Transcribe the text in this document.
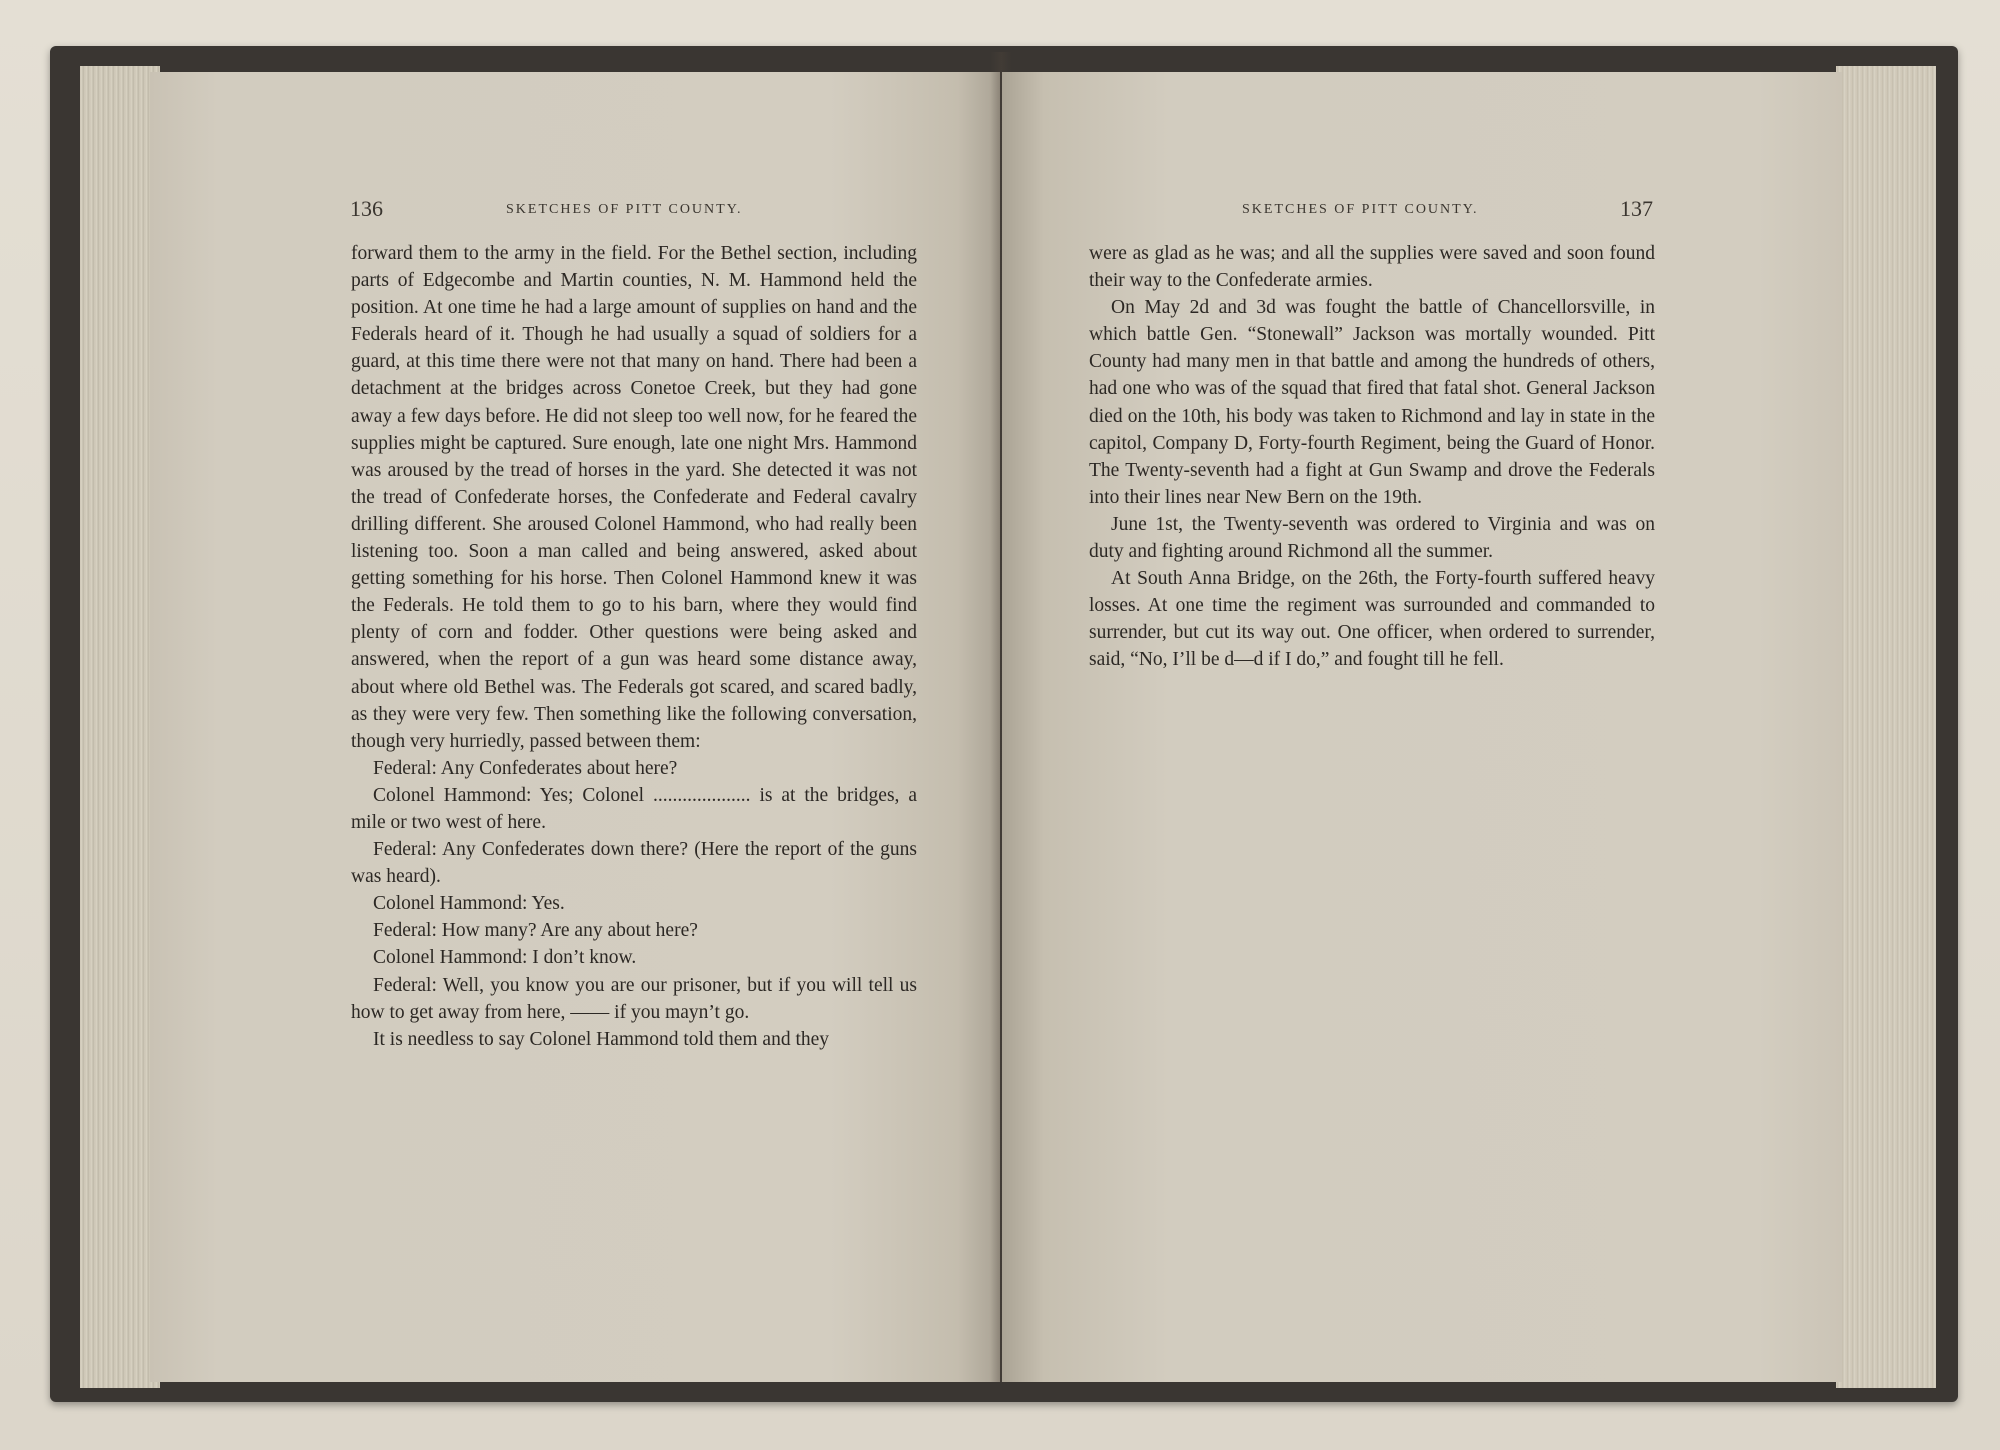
136	SKETCHES OF PITT COUNTY.

forward them to the army in the field. For the Bethel section, including parts of Edgecombe and Martin counties, N. M. Hammond held the position. At one time he had a large amount of supplies on hand and the Federals heard of it. Though he had usually a squad of soldiers for a guard, at this time there were not that many on hand. There had been a detachment at the bridges across Conetoe Creek, but they had gone away a few days before. He did not sleep too well now, for he feared the supplies might be captured. Sure enough, late one night Mrs. Hammond was aroused by the tread of horses in the yard. She detected it was not the tread of Confederate horses, the Confederate and Federal cavalry drilling different. She aroused Colonel Hammond, who had really been listening too. Soon a man called and being answered, asked about getting something for his horse. Then Colonel Hammond knew it was the Federals. He told them to go to his barn, where they would find plenty of corn and fodder. Other questions were being asked and answered, when the report of a gun was heard some distance away, about where old Bethel was. The Federals got scared, and scared badly, as they were very few. Then something like the following conversation, though very hurriedly, passed between them:

Federal: Any Confederates about here?

Colonel Hammond: Yes; Colonel .................... is at the bridges, a mile or two west of here.

Federal: Any Confederates down there? (Here the report of the guns was heard).

Colonel Hammond: Yes.

Federal: How many? Are any about here?

Colonel Hammond: I don’t know.

Federal: Well, you know you are our prisoner, but if you will tell us how to get away from here, —— if you mayn’t go.

It is needless to say Colonel Hammond told them and they

SKETCHES OF PITT COUNTY.	137

were as glad as he was; and all the supplies were saved and soon found their way to the Confederate armies.

On May 2d and 3d was fought the battle of Chancellorsville, in which battle Gen. “Stonewall” Jackson was mortally wounded. Pitt County had many men in that battle and among the hundreds of others, had one who was of the squad that fired that fatal shot. General Jackson died on the 10th, his body was taken to Richmond and lay in state in the capitol, Company D, Forty-fourth Regiment, being the Guard of Honor. The Twenty-seventh had a fight at Gun Swamp and drove the Federals into their lines near New Bern on the 19th.

June 1st, the Twenty-seventh was ordered to Virginia and was on duty and fighting around Richmond all the summer.

At South Anna Bridge, on the 26th, the Forty-fourth suffered heavy losses. At one time the regiment was surrounded and commanded to surrender, but cut its way out. One officer, when ordered to surrender, said, “No, I’ll be d—d if I do,” and fought till he fell.
